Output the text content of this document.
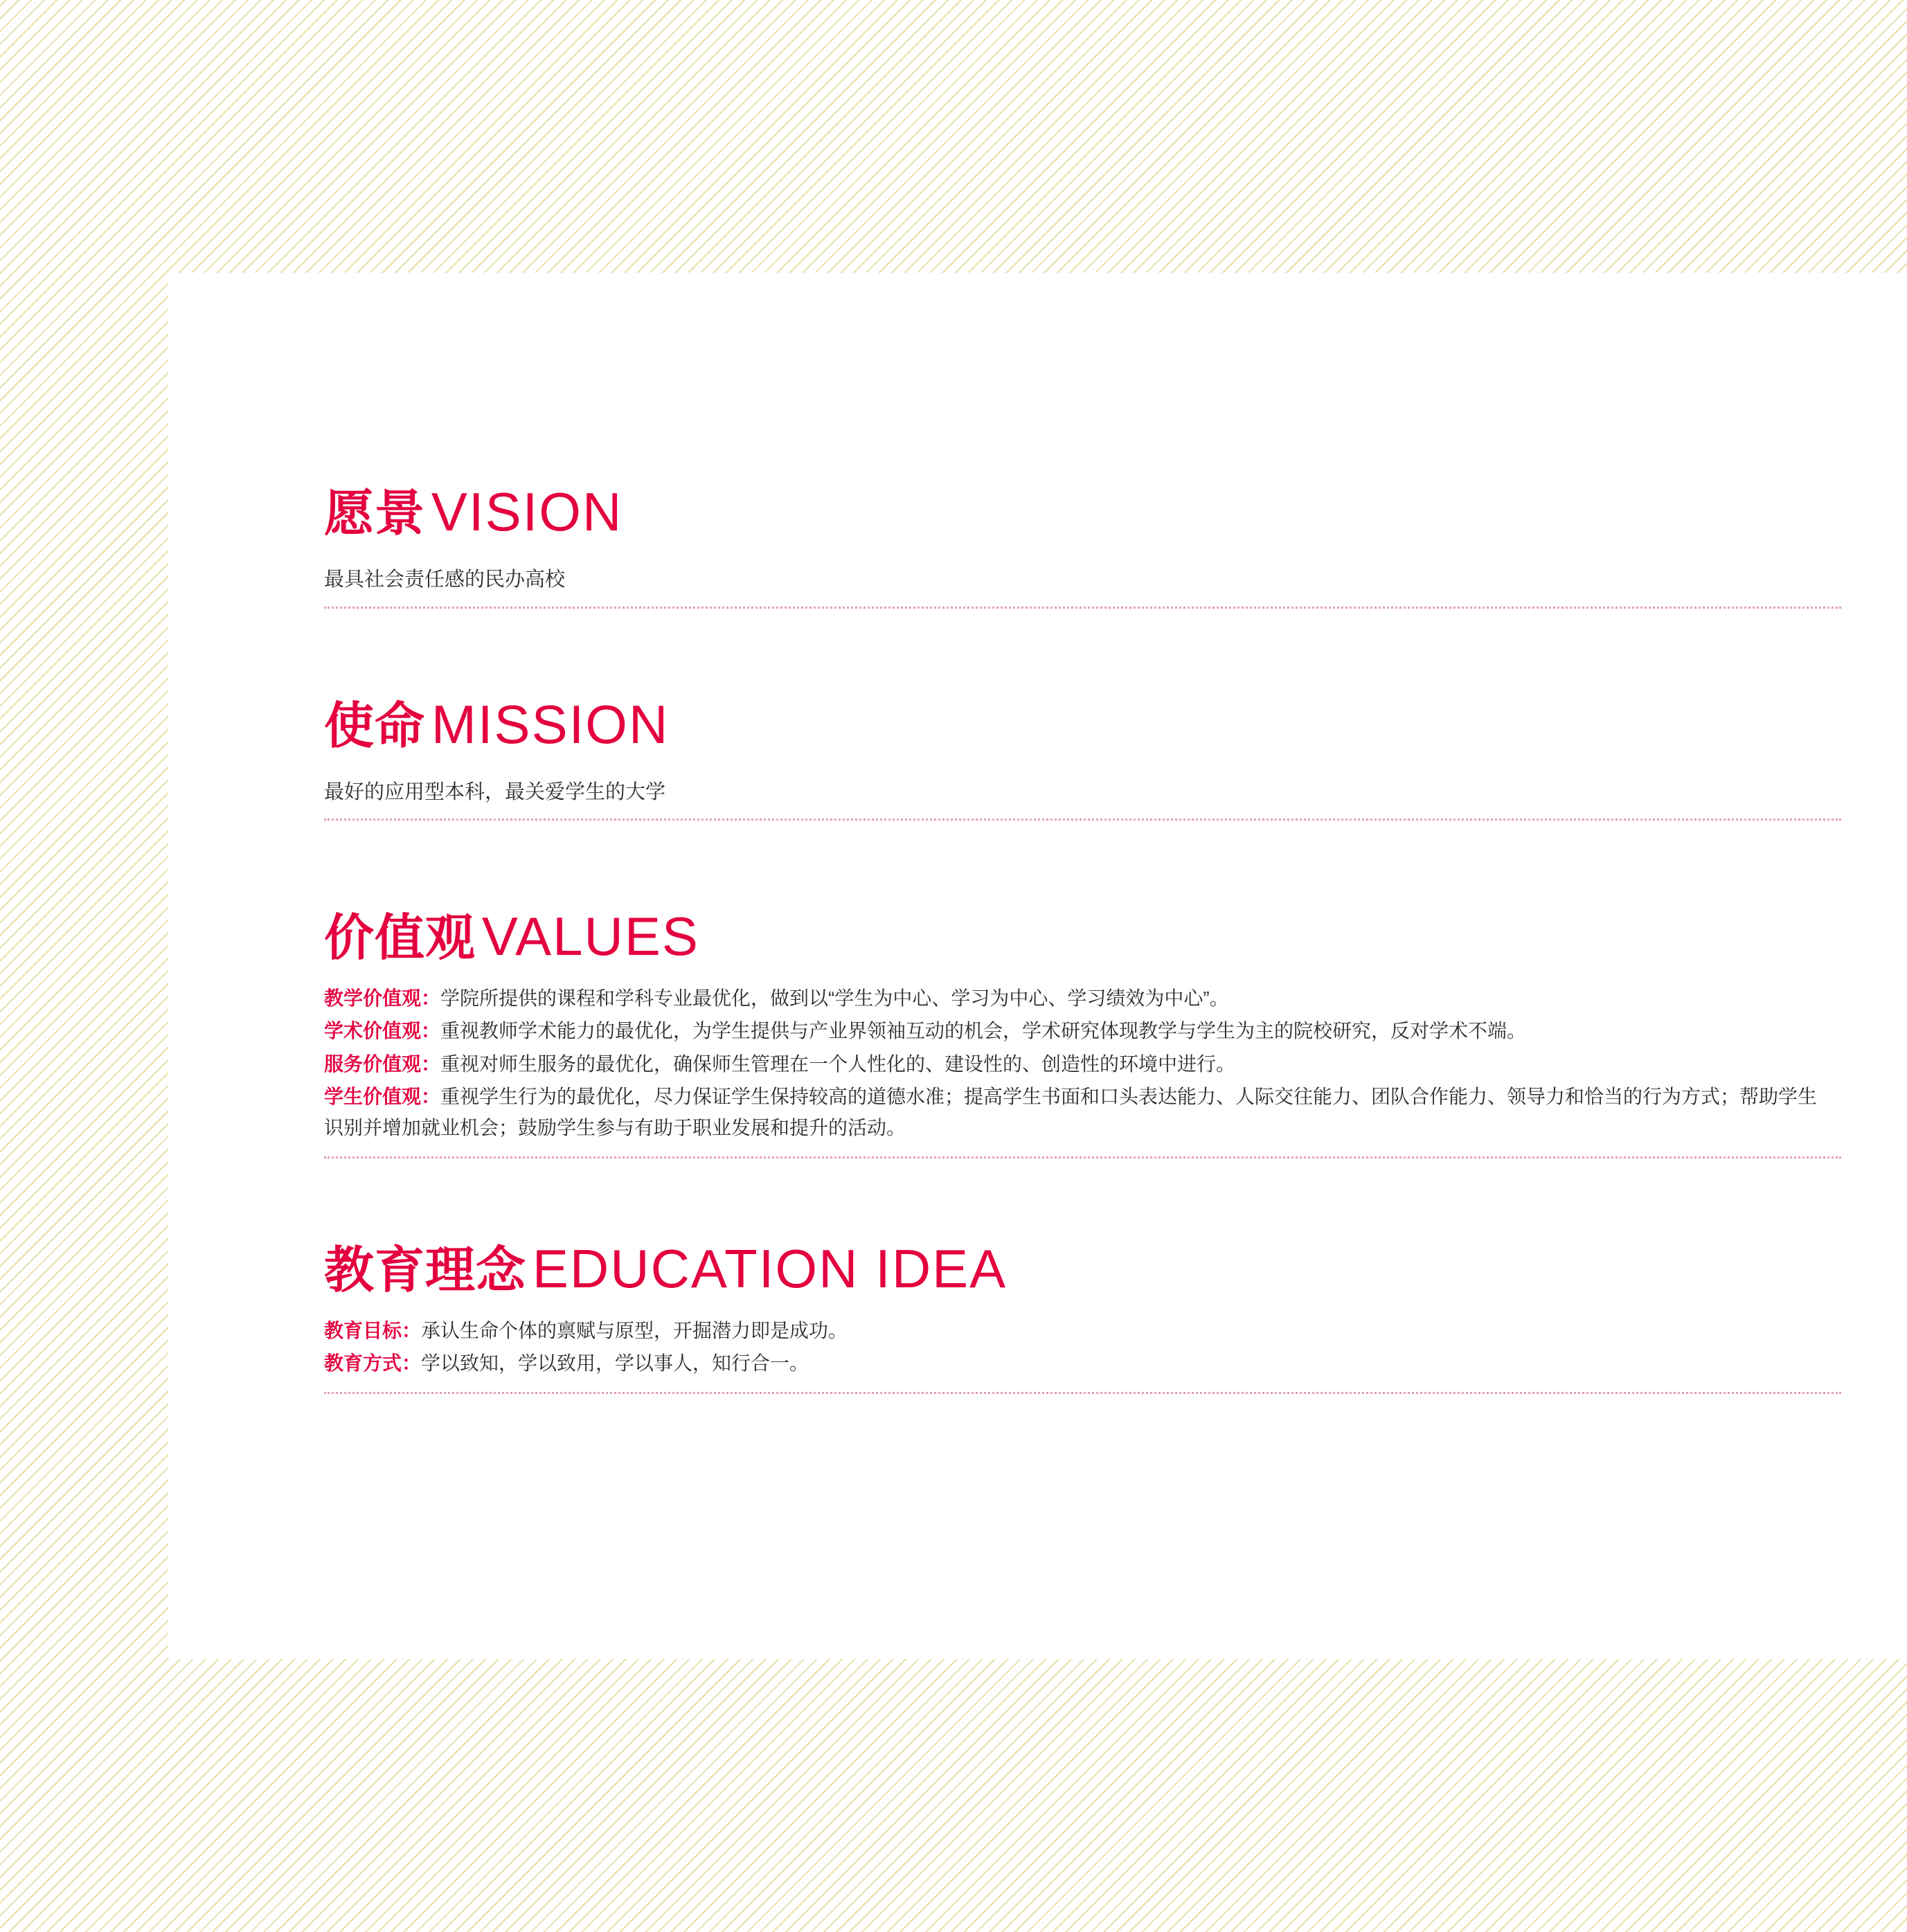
愿景 VISION

最具社会责任感的民办高校

使命 MISSION

最好的应用型本科，最关爱学生的大学

价值观 VALUES

教学价值观：学院所提供的课程和学科专业最优化，做到以“学生为中心、学习为中心、学习绩效为中心”。

学术价值观：重视教师学术能力的最优化，为学生提供与产业界领袖互动的机会，学术研究体现教学与学生为主的院校研究，反对学术不端。

服务价值观：重视对师生服务的最优化，确保师生管理在一个人性化的、建设性的、创造性的环境中进行。

学生价值观：重视学生行为的最优化，尽力保证学生保持较高的道德水准；提高学生书面和口头表达能力、人际交往能力、团队合作能力、领导力和恰当的行为方式；帮助学生识别并增加就业机会；鼓励学生参与有助于职业发展和提升的活动。

教育理念 EDUCATION IDEA

教育目标：承认生命个体的禀赋与原型，开掘潜力即是成功。

教育方式：学以致知，学以致用，学以事人，知行合一。
